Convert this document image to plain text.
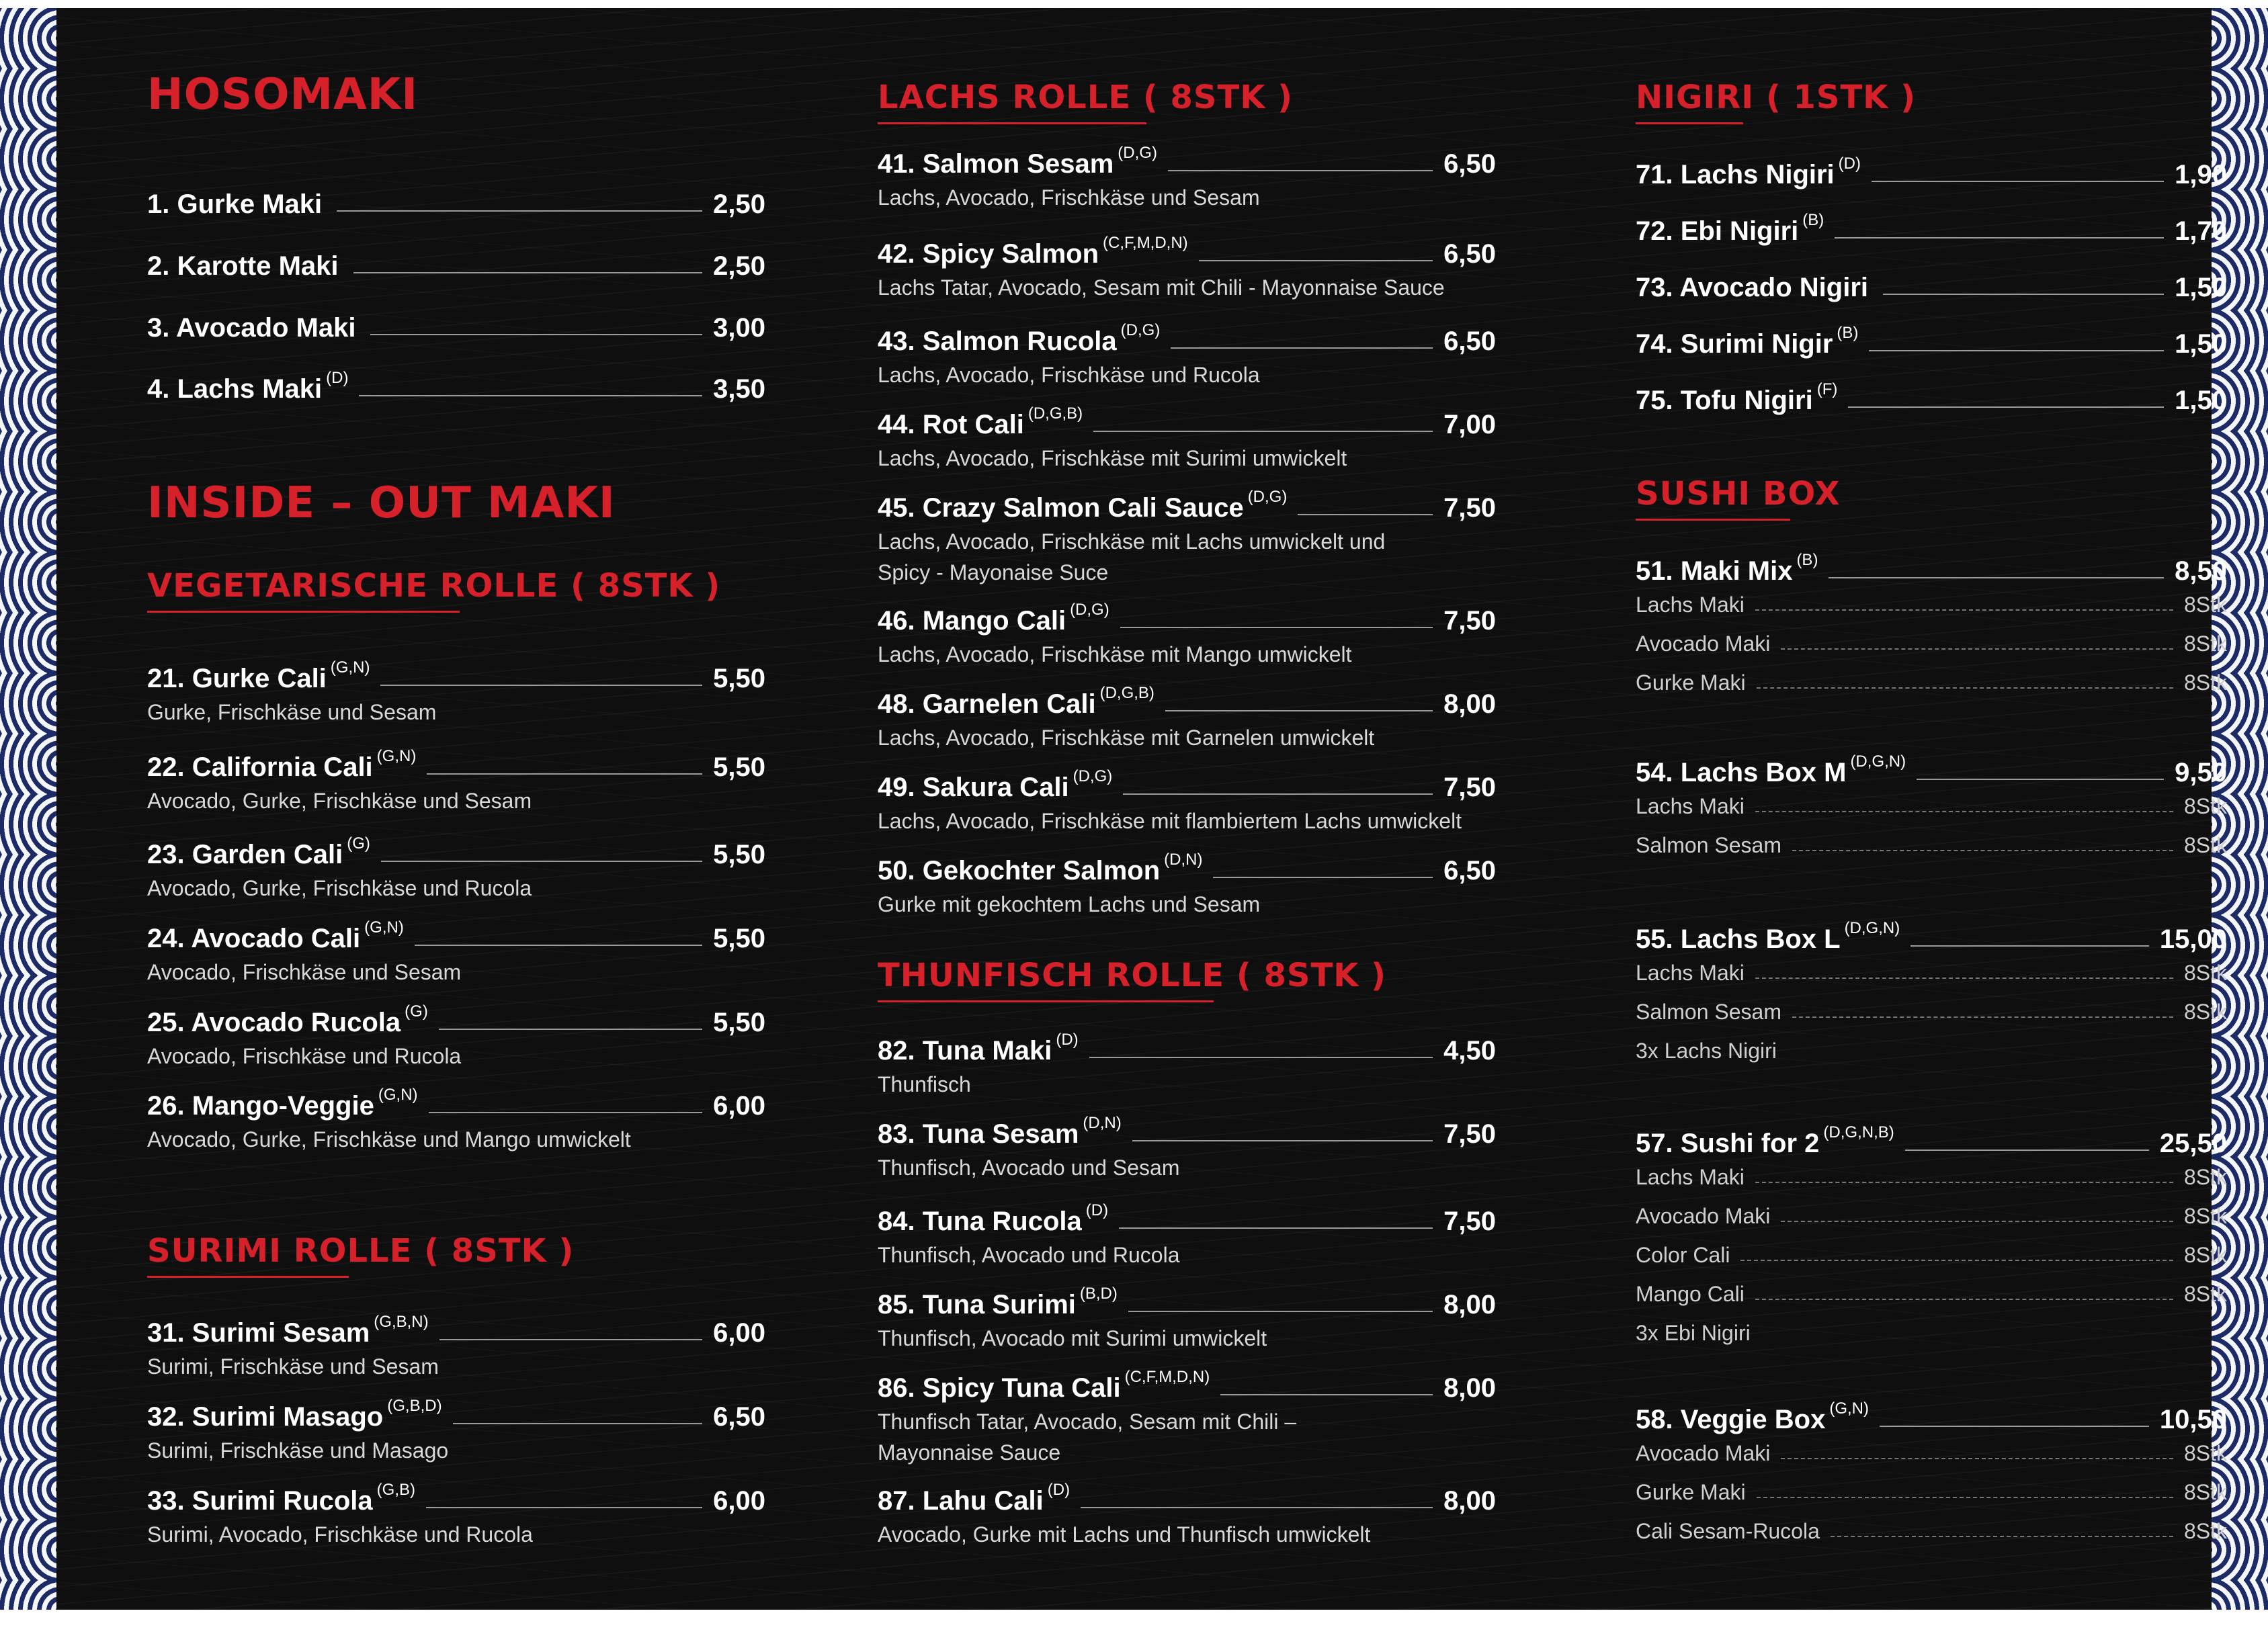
HOSOMAKI
1. Gurke Maki	2,50
2. Karotte Maki	2,50
3. Avocado Maki	3,00
4. Lachs Maki $^{(D)}$	3,50
INSIDE – OUT MAKI
VEGETARISCHE ROLLE ( 8STK )
21. Gurke Cali $^{(G,N)}$	5,50
Gurke, Frischkäse und Sesam
22. California Cali $^{(G,N)}$	5,50
Avocado, Gurke, Frischkäse und Sesam
23. Garden Cali $^{(G)}$	5,50
Avocado, Gurke, Frischkäse und Rucola
24. Avocado Cali $^{(G,N)}$	5,50
Avocado, Frischkäse und Sesam
25. Avocado Rucola $^{(G)}$	5,50
Avocado, Frischkäse und Rucola
26. Mango-Veggie $^{(G,N)}$	6,00
Avocado, Gurke, Frischkäse und Mango umwickelt
SURIMI ROLLE ( 8STK )
31. Surimi Sesam $^{(G,B,N)}$	6,00
Surimi, Frischkäse und Sesam
32. Surimi Masago $^{(G,B,D)}$	6,50
Surimi, Frischkäse und Masago
33. Surimi Rucola $^{(G,B)}$	6,00
Surimi, Avocado, Frischkäse und Rucola
LACHS ROLLE ( 8STK )
41. Salmon Sesam $^{(D,G)}$	6,50
Lachs, Avocado, Frischkäse und Sesam
42. Spicy Salmon $^{(C,F,M,D,N)}$	6,50
Lachs Tatar, Avocado, Sesam mit Chili - Mayonnaise Sauce
43. Salmon Rucola $^{(D,G)}$	6,50
Lachs, Avocado, Frischkäse und Rucola
44. Rot Cali $^{(D,G,B)}$	7,00
Lachs, Avocado, Frischkäse mit Surimi umwickelt
45. Crazy Salmon Cali Sauce $^{(D,G)}$	7,50
Lachs, Avocado, Frischkäse mit Lachs umwickelt und
Spicy - Mayonaise Suce
46. Mango Cali $^{(D,G)}$	7,50
Lachs, Avocado, Frischkäse mit Mango umwickelt
48. Garnelen Cali $^{(D,G,B)}$	8,00
Lachs, Avocado, Frischkäse mit Garnelen umwickelt
49. Sakura Cali $^{(D,G)}$	7,50
Lachs, Avocado, Frischkäse mit flambiertem Lachs umwickelt
50. Gekochter Salmon $^{(D,N)}$	6,50
Gurke mit gekochtem Lachs und Sesam
THUNFISCH ROLLE ( 8STK )
82. Tuna Maki $^{(D)}$	4,50
Thunfisch
83. Tuna Sesam $^{(D,N)}$	7,50
Thunfisch, Avocado und Sesam
84. Tuna Rucola $^{(D)}$	7,50
Thunfisch, Avocado und Rucola
85. Tuna Surimi $^{(B,D)}$	8,00
Thunfisch, Avocado mit Surimi umwickelt
86. Spicy Tuna Cali $^{(C,F,M,D,N)}$	8,00
Thunfisch Tatar, Avocado, Sesam mit Chili –
Mayonnaise Sauce
87. Lahu Cali $^{(D)}$	8,00
Avocado, Gurke mit Lachs und Thunfisch umwickelt
NIGIRI ( 1STK )
71. Lachs Nigiri $^{(D)}$	1,90
72. Ebi Nigiri $^{(B)}$	1,70
73. Avocado Nigiri	1,50
74. Surimi Nigir $^{(B)}$	1,50
75. Tofu Nigiri $^{(F)}$	1,50
SUSHI BOX
51. Maki Mix $^{(B)}$	8,50
Lachs Maki	8Stk
Avocado Maki	8Stk
Gurke Maki	8Stk
54. Lachs Box M $^{(D,G,N)}$	9,50
Lachs Maki	8Stk
Salmon Sesam	8Stk
55. Lachs Box L $^{(D,G,N)}$	15,00
Lachs Maki	8Stk
Salmon Sesam	8Stk
3x Lachs Nigiri
57. Sushi for 2 $^{(D,G,N,B)}$	25,50
Lachs Maki	8Stk
Avocado Maki	8Stk
Color Cali	8Stk
Mango Cali	8Stk
3x Ebi Nigiri
58. Veggie Box $^{(G,N)}$	10,50
Avocado Maki	8Stk
Gurke Maki	8Stk
Cali Sesam-Rucola	8Stk
